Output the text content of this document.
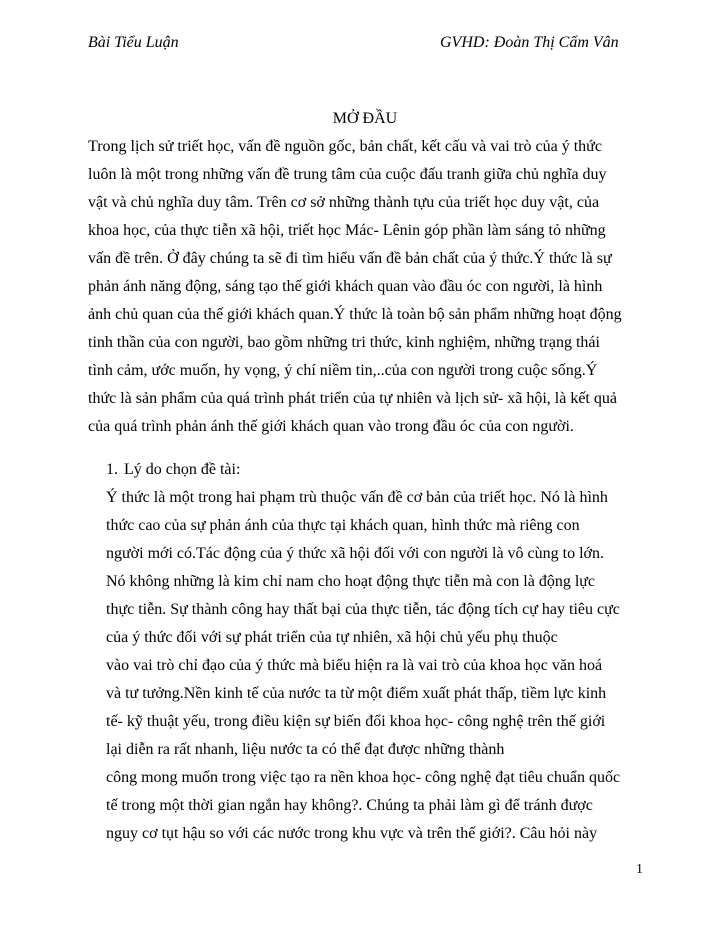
Bài Tiểu Luận	GVHD: Đoàn Thị Cẩm Vân
MỞ ĐẦU
Trong lịch sử triết học, vấn đề nguồn gốc, bản chất, kết cấu và vai trò của ý thức
luôn là một trong những vấn đề trung tâm của cuộc đấu tranh giữa chủ nghĩa duy
vật và chủ nghĩa duy tâm. Trên cơ sở những thành tựu của triết học duy vật, của
khoa học, của thực tiễn xã hội, triết học Mác- Lênin góp phần làm sáng tỏ những
vấn đề trên. Ở đây chúng ta sẽ đi tìm hiểu vấn đề bản chất của ý thức.Ý thức là sự
phản ánh năng động, sáng tạo thế giới khách quan vào đầu óc con người, là hình
ảnh chủ quan của thế giới khách quan.Ý thức là toàn bộ sản phẩm những hoạt động
tinh thần của con người, bao gồm những tri thức, kinh nghiệm, những trạng thái
tình cảm, ước muốn, hy vọng, ý chí niềm tin,..của con người trong cuộc sống.Ý
thức là sản phẩm của quá trình phát triển của tự nhiên và lịch sử- xã hội, là kết quả
của quá trình phản ánh thế giới khách quan vào trong đầu óc của con người.
1. Lý do chọn đề tài:
Ý thức là một trong hai phạm trù thuộc vấn đề cơ bản của triết học. Nó là hình
thức cao của sự phản ánh của thực tại khách quan, hình thức mà riêng con
người mới có.Tác động của ý thức xã hội đối với con người là vô cùng to lớn.
Nó không những là kim chỉ nam cho hoạt động thực tiễn mà con là động lực
thực tiễn. Sự thành công hay thất bại của thực tiễn, tác động tích cự hay tiêu cực
của ý thức đối với sự phát triển của tự nhiên, xã hội chủ yếu phụ thuộc
vào vai trò chỉ đạo của ý thức mà biểu hiện ra là vai trò của khoa học văn hoá
và tư tưởng.Nền kinh tế của nước ta từ một điểm xuất phát thấp, tiềm lực kinh
tế- kỹ thuật yếu, trong điều kiện sự biến đổi khoa học- công nghệ trên thế giới
lại diễn ra rất nhanh, liệu nước ta có thể đạt được những thành
công mong muốn trong việc tạo ra nền khoa học- công nghệ đạt tiêu chuẩn quốc
tế trong một thời gian ngắn hay không?. Chúng ta phải làm gì để tránh được
nguy cơ tụt hậu so với các nước trong khu vực và trên thế giới?. Câu hỏi này
1
